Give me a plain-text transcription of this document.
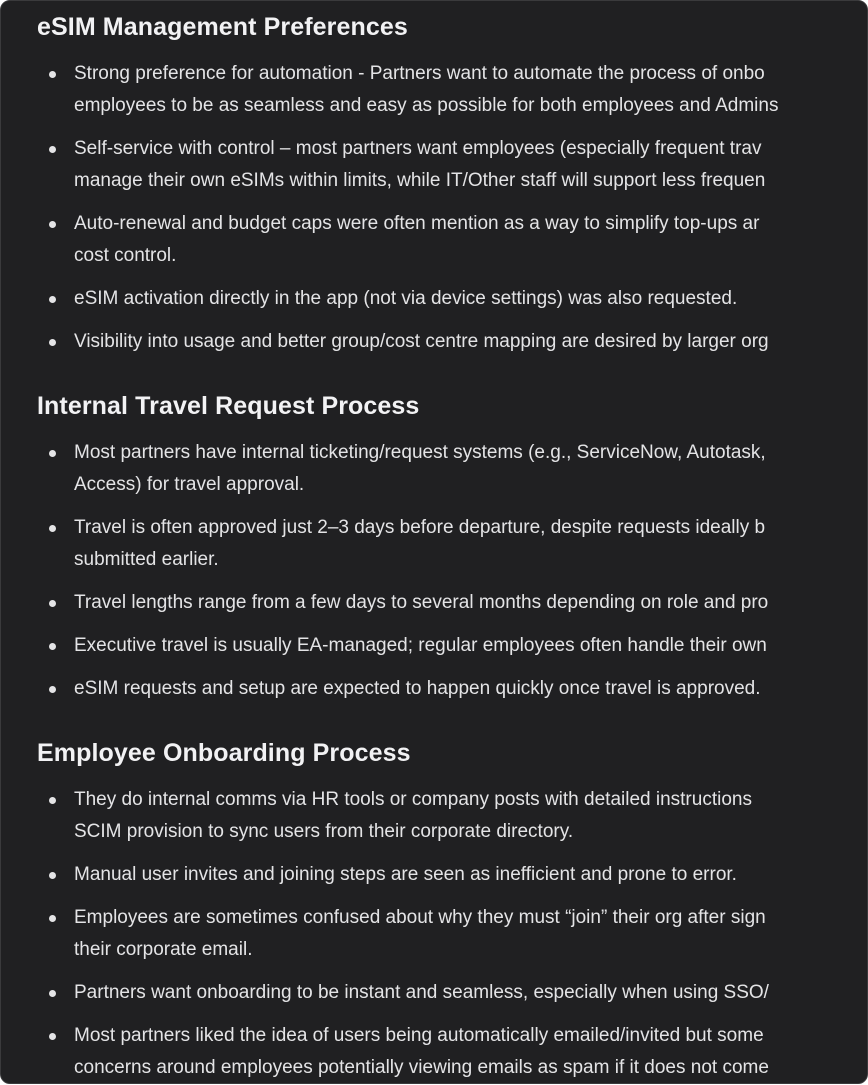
eSIM Management Preferences
Strong preference for automation - Partners want to automate the process of onbo
employees to be as seamless and easy as possible for both employees and Admins
Self-service with control – most partners want employees (especially frequent trav
manage their own eSIMs within limits, while IT/Other staff will support less frequen
Auto-renewal and budget caps were often mention as a way to simplify top-ups ar
cost control.
eSIM activation directly in the app (not via device settings) was also requested.
Visibility into usage and better group/cost centre mapping are desired by larger org
Internal Travel Request Process
Most partners have internal ticketing/request systems (e.g., ServiceNow, Autotask,
Access) for travel approval.
Travel is often approved just 2–3 days before departure, despite requests ideally b
submitted earlier.
Travel lengths range from a few days to several months depending on role and pro
Executive travel is usually EA-managed; regular employees often handle their own
eSIM requests and setup are expected to happen quickly once travel is approved.
Employee Onboarding Process
They do internal comms via HR tools or company posts with detailed instructions
SCIM provision to sync users from their corporate directory.
Manual user invites and joining steps are seen as inefficient and prone to error.
Employees are sometimes confused about why they must “join” their org after sign
their corporate email.
Partners want onboarding to be instant and seamless, especially when using SSO/
Most partners liked the idea of users being automatically emailed/invited but some
concerns around employees potentially viewing emails as spam if it does not come
